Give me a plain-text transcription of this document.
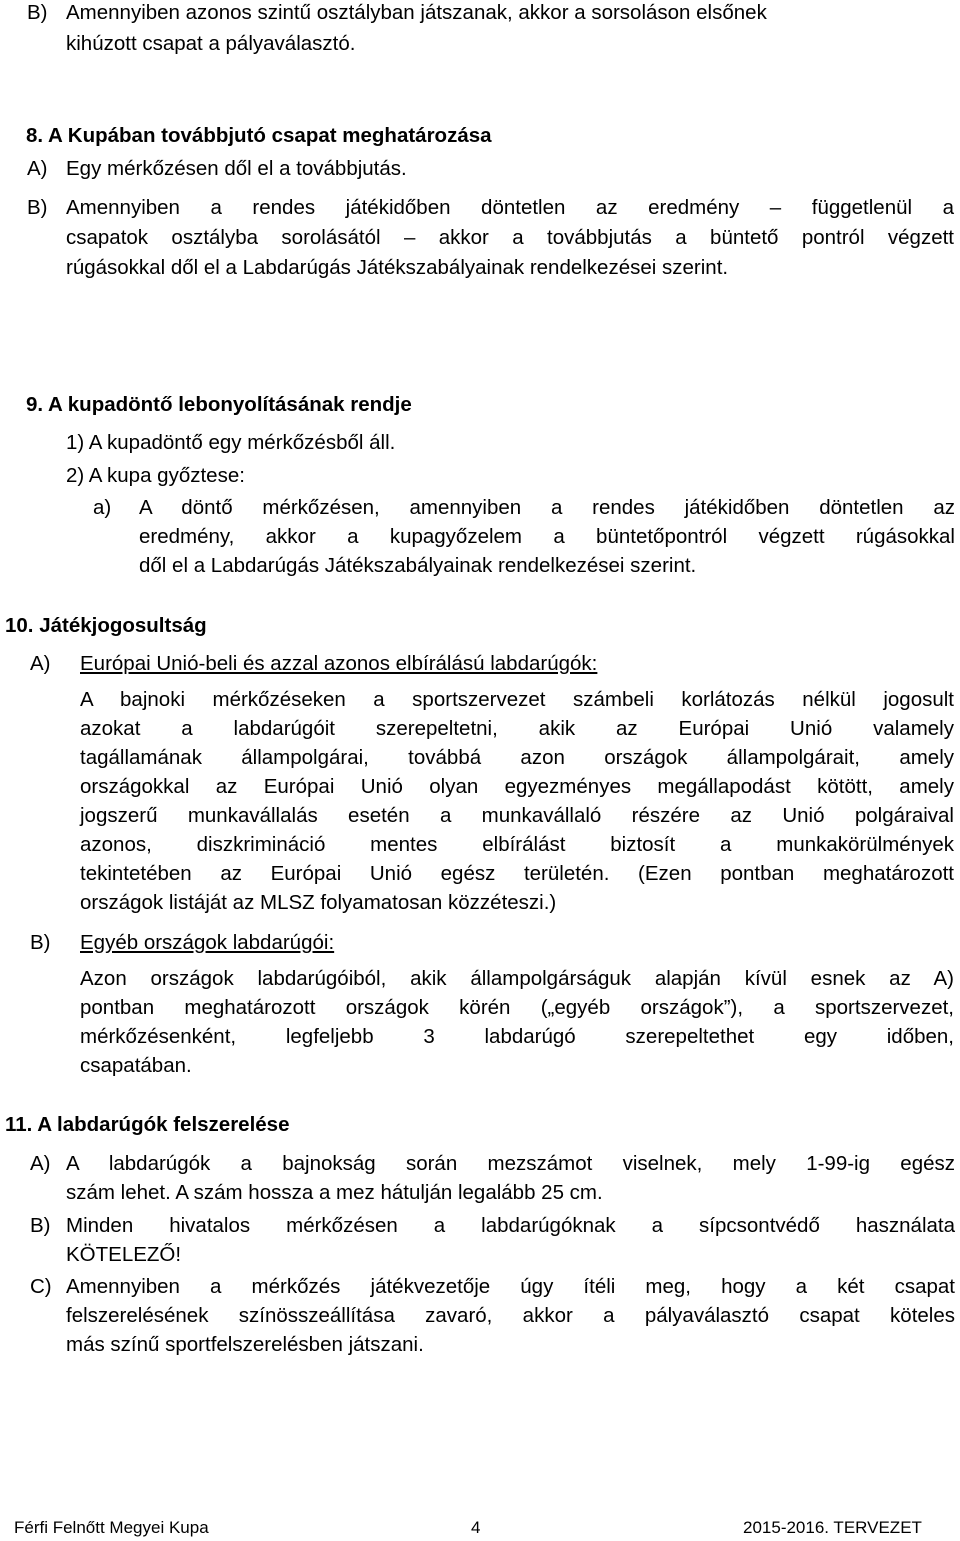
B) Amennyiben azonos szintű osztályban játszanak, akkor a sorsoláson elsőnek
kihúzott csapat a pályaválasztó.
8. A Kupában továbbjutó csapat meghatározása
A) Egy mérkőzésen dől el a továbbjutás.
B) Amennyiben a rendes játékidőben döntetlen az eredmény – függetlenül a
csapatok osztályba sorolásától – akkor a továbbjutás a büntető pontról végzett
rúgásokkal dől el a Labdarúgás Játékszabályainak rendelkezései szerint.
9. A kupadöntő lebonyolításának rendje
1) A kupadöntő egy mérkőzésből áll.
2) A kupa győztese:
a) A döntő mérkőzésen, amennyiben a rendes játékidőben döntetlen az
eredmény, akkor a kupagyőzelem a büntetőpontról végzett rúgásokkal
dől el a Labdarúgás Játékszabályainak rendelkezései szerint.
10. Játékjogosultság
A) Európai Unió-beli és azzal azonos elbírálású labdarúgók:
A bajnoki mérkőzéseken a sportszervezet számbeli korlátozás nélkül jogosult
azokat a labdarúgóit szerepeltetni, akik az Európai Unió valamely
tagállamának állampolgárai, továbbá azon országok állampolgárait, amely
országokkal az Európai Unió olyan egyezményes megállapodást kötött, amely
jogszerű munkavállalás esetén a munkavállaló részére az Unió polgáraival
azonos, diszkrimináció mentes elbírálást biztosít a munkakörülmények
tekintetében az Európai Unió egész területén. (Ezen pontban meghatározott
országok listáját az MLSZ folyamatosan közzéteszi.)
B) Egyéb országok labdarúgói:
Azon országok labdarúgóiból, akik állampolgárságuk alapján kívül esnek az A)
pontban meghatározott országok körén („egyéb országok”), a sportszervezet,
mérkőzésenként, legfeljebb 3 labdarúgó szerepeltethet egy időben,
csapatában.
11. A labdarúgók felszerelése
A) A labdarúgók a bajnokság során mezszámot viselnek, mely 1-99-ig egész
szám lehet. A szám hossza a mez hátulján legalább 25 cm.
B) Minden hivatalos mérkőzésen a labdarúgóknak a sípcsontvédő használata
KÖTELEZŐ!
C) Amennyiben a mérkőzés játékvezetője úgy ítéli meg, hogy a két csapat
felszerelésének színösszeállítása zavaró, akkor a pályaválasztó csapat köteles
más színű sportfelszerelésben játszani.
Férfi Felnőtt Megyei Kupa	4	2015-2016. TERVEZET
